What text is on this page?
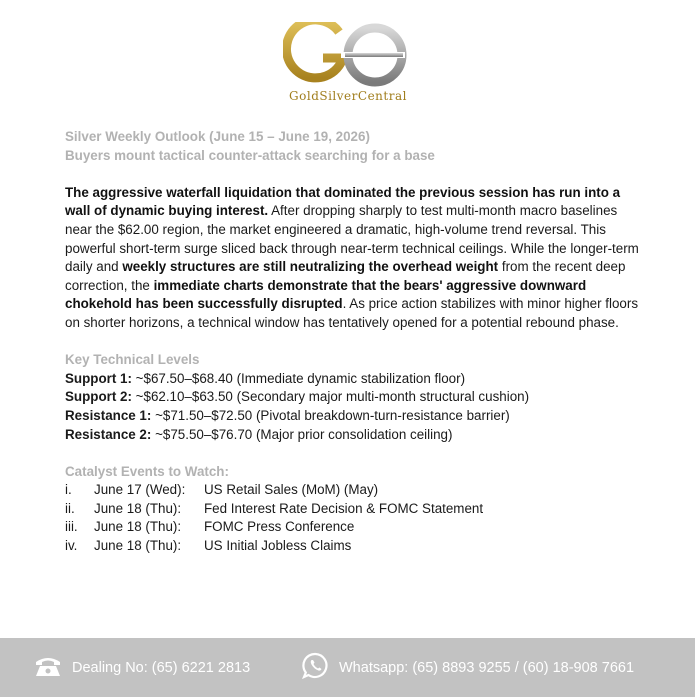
GoldSilverCentral
Silver Weekly Outlook (June 15 – June 19, 2026)
Buyers mount tactical counter-attack searching for a base
The aggressive waterfall liquidation that dominated the previous session has run into a wall of dynamic buying interest. After dropping sharply to test multi-month macro baselines near the $62.00 region, the market engineered a dramatic, high-volume trend reversal. This powerful short-term surge sliced back through near-term technical ceilings. While the longer-term daily and weekly structures are still neutralizing the overhead weight from the recent deep correction, the immediate charts demonstrate that the bears' aggressive downward chokehold has been successfully disrupted. As price action stabilizes with minor higher floors on shorter horizons, a technical window has tentatively opened for a potential rebound phase.
Key Technical Levels
Support 1: ~$67.50–$68.40 (Immediate dynamic stabilization floor)
Support 2: ~$62.10–$63.50 (Secondary major multi-month structural cushion)
Resistance 1: ~$71.50–$72.50 (Pivotal breakdown-turn-resistance barrier)
Resistance 2: ~$75.50–$76.70 (Major prior consolidation ceiling)
Catalyst Events to Watch:
i.	June 17 (Wed):	US Retail Sales (MoM) (May)
ii.	June 18 (Thu):	Fed Interest Rate Decision & FOMC Statement
iii.	June 18 (Thu):	FOMC Press Conference
iv.	June 18 (Thu):	US Initial Jobless Claims
Dealing No: (65) 6221 2813	Whatsapp: (65) 8893 9255 / (60) 18-908 7661
